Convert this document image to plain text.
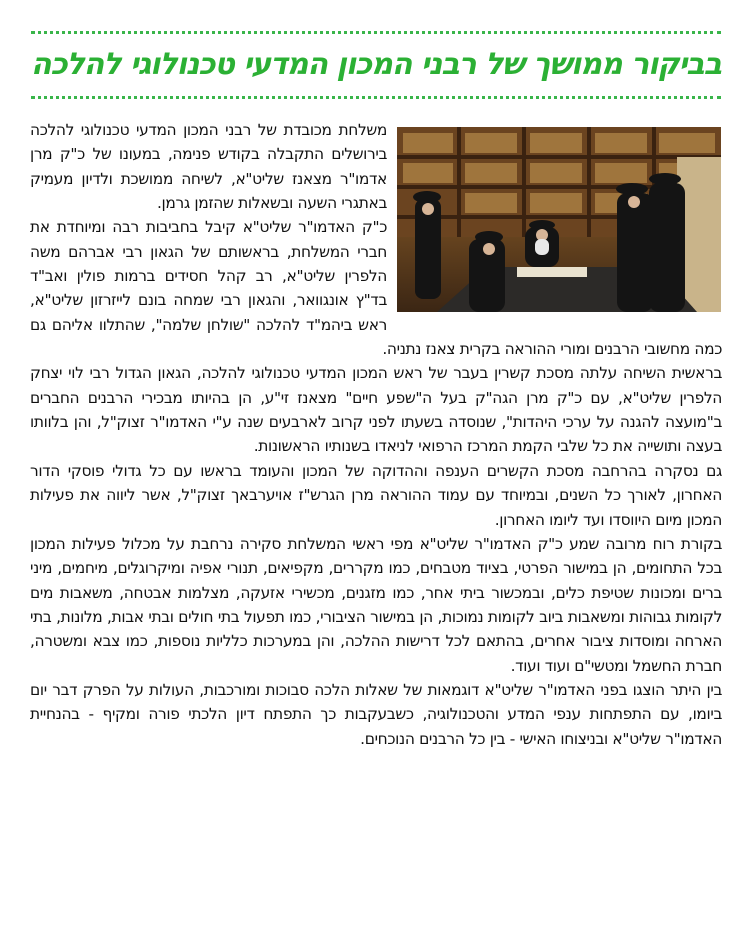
בביקור ממושך של רבני המכון המדעי טכנולוגי להלכה
משלחת מכובדת של רבני המכון המדעי טכנולוגי להלכה בירושלים התקבלה בקודש פנימה, במעונו של כ"ק מרן אדמו"ר מצאנז שליט"א, לשיחה ממושכת ולדיון מעמיק באתגרי השעה ובשאלות שהזמן גרמן.כ"ק האדמו"ר שליט"א קיבל בחביבות רבה ומיוחדת את חברי המשלחת, בראשותם של הגאון רבי אברהם משה הלפרין שליט"א, רב קהל חסידים ברמות פולין ואב"ד בד"ץ אונגוואר, והגאון רבי שמחה בונם לייזרזון שליט"א, ראש ביהמ"ד להלכה "שולחן שלמה", שהתלוו אליהם גם כמה מחשובי הרבנים ומורי ההוראה בקרית צאנז נתניה.בראשית השיחה עלתה מסכת קשרין בעבר של ראש המכון המדעי טכנולוגי להלכה, הגאון הגדול רבי לוי יצחק הלפרין שליט"א, עם כ"ק מרן הגה"ק בעל ה"שפע חיים" מצאנז זי"ע, הן בהיותו מבכירי הרבנים החברים ב"מועצה להגנה על ערכי היהדות", שנוסדה בשעתו לפני קרוב לארבעים שנה ע"י האדמו"ר זצוק"ל, והן בלוותו בעצה ותושייה את כל שלבי הקמת המרכז הרפואי לניאדו בשנותיו הראשונות.גם נסקרה בהרחבה מסכת הקשרים הענפה וההדוקה של המכון והעומד בראשו עם כל גדולי פוסקי הדור האחרון, לאורך כל השנים, ובמיוחד עם עמוד ההוראה מרן הגרש"ז אויערבאך זצוק"ל, אשר ליווה את פעילות המכון מיום היווסדו ועד ליומו האחרון.בקורת רוח מרובה שמע כ"ק האדמו"ר שליט"א מפי ראשי המשלחת סקירה נרחבת על מכלול פעילות המכון בכל התחומים, הן במישור הפרטי, בציוד מטבחים, כמו מקררים, מקפיאים, תנורי אפיה ומיקרוגלים, מיחמים, מיני ברים ומכונות שטיפת כלים, ובמכשור ביתי אחר, כמו מזגנים, מכשירי אזעקה, מצלמות אבטחה, משאבות מים לקומות גבוהות ומשאבות ביוב לקומות נמוכות, הן במישור הציבורי, כמו תפעול בתי חולים ובתי אבות, מלונות, בתי הארחה ומוסדות ציבור אחרים, בהתאם לכל דרישות ההלכה, והן במערכות כלליות נוספות, כמו צבא ומשטרה, חברת החשמל ומטשי"ם ועוד ועוד.בין היתר הוצגו בפני האדמו"ר שליט"א דוגמאות של שאלות הלכה סבוכות ומורכבות, העולות על הפרק דבר יום ביומו, עם התפתחות ענפי המדע והטכנולוגיה, כשבעקבות כך התפתח דיון הלכתי פורה ומקיף - בהנחיית האדמו"ר שליט"א ובניצוחו האישי - בין כל הרבנים הנוכחים.
